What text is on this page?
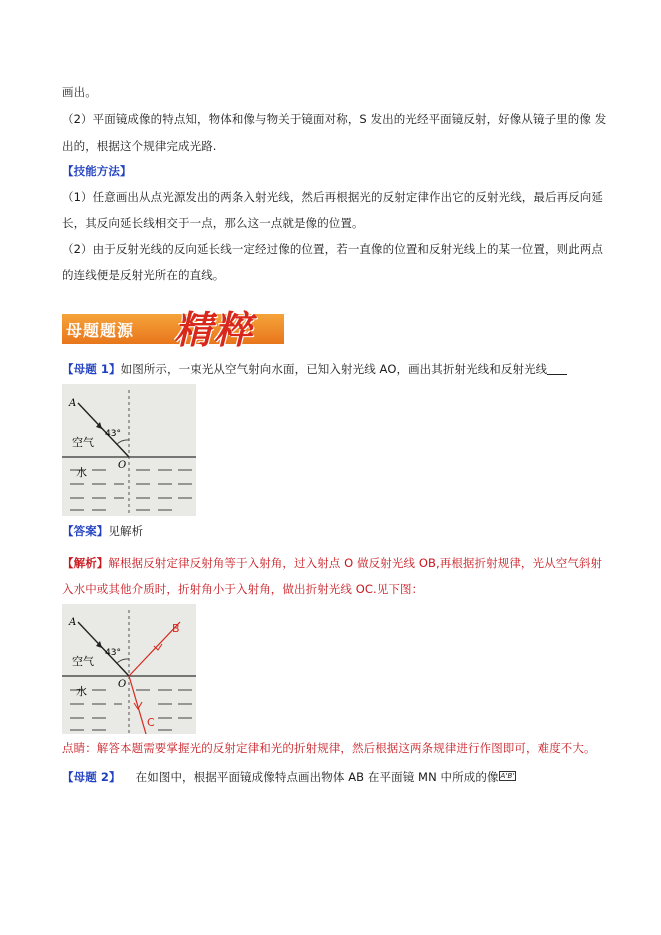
画出。
（2）平面镜成像的特点知，物体和像与物关于镜面对称，S 发出的光经平面镜反射，好像从镜子里的像 发
出的，根据这个规律完成光路.
【技能方法】
（1）任意画出从点光源发出的两条入射光线，然后再根据光的反射定律作出它的反射光线，最后再反向延
长，其反向延长线相交于一点，那么这一点就是像的位置。
（2）由于反射光线的反向延长线一定经过像的位置，若一直像的位置和反射光线上的某一位置，则此两点
的连线便是反射光所在的直线。
母题题源 精粹
【母题 1】如图所示，一束光从空气射向水面，已知入射光线 AO，画出其折射光线和反射光线
A
43°
空气
O
水
【答案】见解析
【解析】解根据反射定律反射角等于入射角，过入射点 O 做反射光线 OB,再根据折射规律，光从空气斜射
入水中或其他介质时，折射角小于入射角，做出折射光线 OC.见下图：
A
43°
空气
O
水
B
C
点睛：解答本题需要掌握光的反射定律和光的折射规律，然后根据这两条规律进行作图即可，难度不大。
【母题 2】 在如图中，根据平面镜成像特点画出物体 AB 在平面镜 MN 中所成的像 A'B'
